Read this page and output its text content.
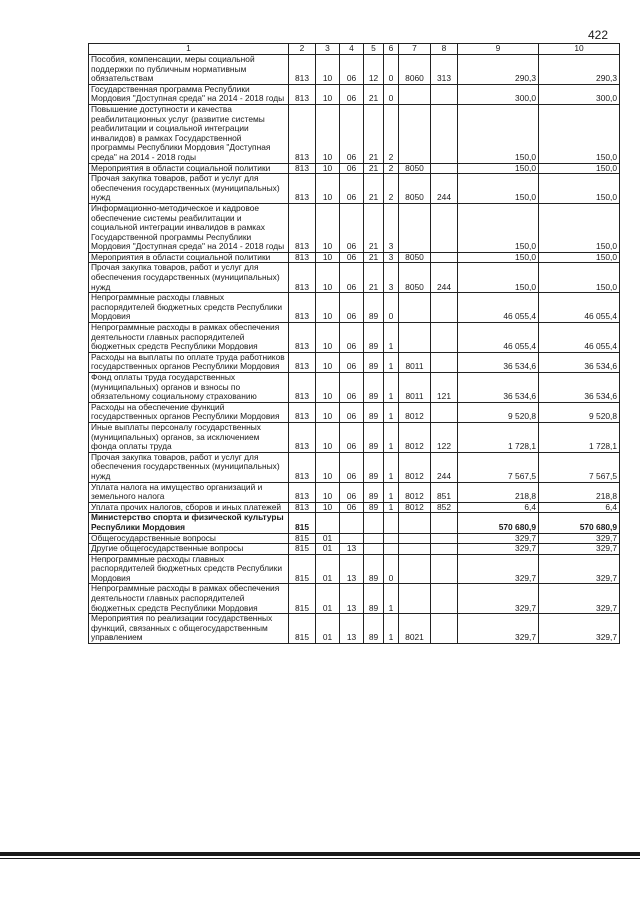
422
1	2	3	4	5	6	7	8	9	10
Пособия, компенсации, меры социальной поддержки по публичным нормативным обязательствам	813	10	06	12	0	8060	313	290,3	290,3
Государственная программа Республики Мордовия "Доступная среда" на 2014 - 2018 годы	813	10	06	21	0			300,0	300,0
Повышение доступности и качества реабилитационных услуг (развитие системы реабилитации и социальной интеграции инвалидов) в рамках Государственной программы Республики Мордовия "Доступная среда" на 2014 - 2018 годы	813	10	06	21	2			150,0	150,0
Мероприятия в области социальной политики	813	10	06	21	2	8050		150,0	150,0
Прочая закупка товаров, работ и услуг для обеспечения государственных (муниципальных) нужд	813	10	06	21	2	8050	244	150,0	150,0
Информационно-методическое и кадровое обеспечение системы реабилитации и социальной интеграции инвалидов в рамках Государственной программы Республики Мордовия "Доступная среда" на 2014 - 2018 годы	813	10	06	21	3			150,0	150,0
Мероприятия в области социальной политики	813	10	06	21	3	8050		150,0	150,0
Прочая закупка товаров, работ и услуг для обеспечения государственных (муниципальных) нужд	813	10	06	21	3	8050	244	150,0	150,0
Непрограммные расходы главных распорядителей бюджетных средств Республики Мордовия	813	10	06	89	0			46 055,4	46 055,4
Непрограммные расходы в рамках обеспечения деятельности главных распорядителей бюджетных средств Республики Мордовия	813	10	06	89	1			46 055,4	46 055,4
Расходы на выплаты по оплате труда работников государственных органов Республики Мордовия	813	10	06	89	1	8011		36 534,6	36 534,6
Фонд оплаты труда государственных (муниципальных) органов и взносы по обязательному социальному страхованию	813	10	06	89	1	8011	121	36 534,6	36 534,6
Расходы на обеспечение функций государственных органов Республики Мордовия	813	10	06	89	1	8012		9 520,8	9 520,8
Иные выплаты персоналу государственных (муниципальных) органов, за исключением фонда оплаты труда	813	10	06	89	1	8012	122	1 728,1	1 728,1
Прочая закупка товаров, работ и услуг для обеспечения государственных (муниципальных) нужд	813	10	06	89	1	8012	244	7 567,5	7 567,5
Уплата налога на имущество организаций и земельного налога	813	10	06	89	1	8012	851	218,8	218,8
Уплата прочих налогов, сборов и иных платежей	813	10	06	89	1	8012	852	6,4	6,4
Министерство спорта и физической культуры Республики Мордовия	815							570 680,9	570 680,9
Общегосударственные вопросы	815	01						329,7	329,7
Другие общегосударственные вопросы	815	01	13					329,7	329,7
Непрограммные расходы главных распорядителей бюджетных средств Республики Мордовия	815	01	13	89	0			329,7	329,7
Непрограммные расходы в рамках обеспечения деятельности главных распорядителей бюджетных средств Республики Мордовия	815	01	13	89	1			329,7	329,7
Мероприятия по реализации государственных функций, связанных с общегосударственным управлением	815	01	13	89	1	8021		329,7	329,7
